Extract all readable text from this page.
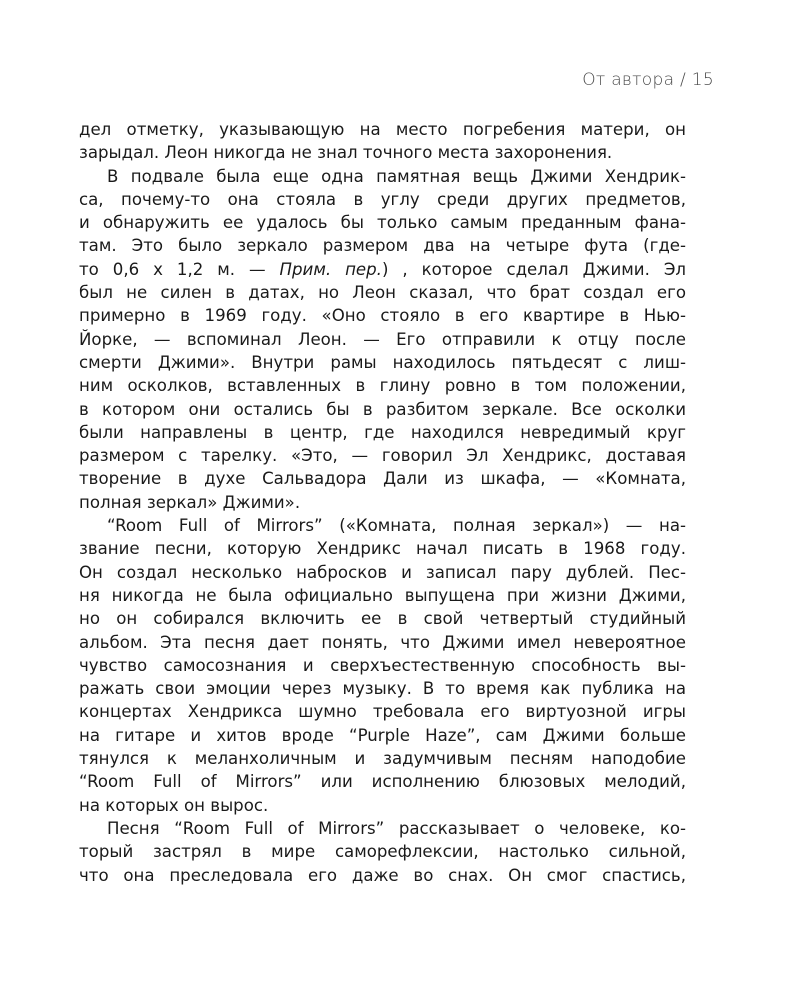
От автора / 15
дел отметку, указывающую на место погребения матери, он
зарыдал. Леон никогда не знал точного места захоронения.
В подвале была еще одна памятная вещь Джими Хендрик-
са, почему-то она стояла в углу среди других предметов,
и обнаружить ее удалось бы только самым преданным фана-
там. Это было зеркало размером два на четыре фута (где-
то 0,6 х 1,2 м. — Прим. пер.) , которое сделал Джими. Эл
был не силен в датах, но Леон сказал, что брат создал его
примерно в 1969 году. «Оно стояло в его квартире в Нью-
Йорке, — вспоминал Леон. — Его отправили к отцу после
смерти Джими». Внутри рамы находилось пятьдесят с лиш-
ним осколков, вставленных в глину ровно в том положении,
в котором они остались бы в разбитом зеркале. Все осколки
были направлены в центр, где находился невредимый круг
размером с тарелку. «Это, — говорил Эл Хендрикс, доставая
творение в духе Сальвадора Дали из шкафа, — «Комната,
полная зеркал» Джими».
“Room Full of Mirrors” («Комната, полная зеркал») — на-
звание песни, которую Хендрикс начал писать в 1968 году.
Он создал несколько набросков и записал пару дублей. Пес-
ня никогда не была официально выпущена при жизни Джими,
но он собирался включить ее в свой четвертый студийный
альбом. Эта песня дает понять, что Джими имел невероятное
чувство самосознания и сверхъестественную способность вы-
ражать свои эмоции через музыку. В то время как публика на
концертах Хендрикса шумно требовала его виртуозной игры
на гитаре и хитов вроде “Purple Haze”, сам Джими больше
тянулся к меланхоличным и задумчивым песням наподобие
“Room Full of Mirrors” или исполнению блюзовых мелодий,
на которых он вырос.
Песня “Room Full of Mirrors” рассказывает о человеке, ко-
торый застрял в мире саморефлексии, настолько сильной,
что она преследовала его даже во снах. Он смог спастись,
